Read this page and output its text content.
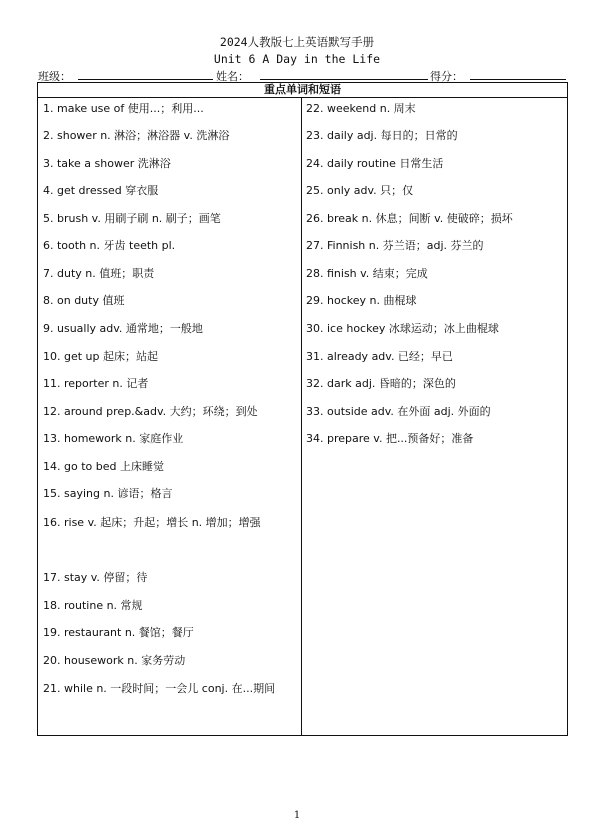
2024人教版七上英语默写手册
Unit 6 A Day in the Life
班级：	姓名：	得分：
重点单词和短语
1. make use of 使用...；利用...
2. shower n. 淋浴；淋浴器 v. 洗淋浴
3. take a shower 洗淋浴
4. get dressed 穿衣服
5. brush v. 用刷子刷 n. 刷子；画笔
6. tooth n. 牙齿 teeth pl.
7. duty n. 值班；职责
8. on duty 值班
9. usually adv. 通常地；一般地
10. get up 起床；站起
11. reporter n. 记者
12. around prep.&adv. 大约；环绕；到处
13. homework n. 家庭作业
14. go to bed 上床睡觉
15. saying n. 谚语；格言
16. rise v. 起床；升起；增长 n. 增加；增强
17. stay v. 停留；待
18. routine n. 常规
19. restaurant n. 餐馆；餐厅
20. housework n. 家务劳动
21. while n. 一段时间；一会儿 conj. 在...期间
22. weekend n. 周末
23. daily adj. 每日的；日常的
24. daily routine 日常生活
25. only adv. 只；仅
26. break n. 休息；间断 v. 使破碎；损坏
27. Finnish n. 芬兰语；adj. 芬兰的
28. finish v. 结束；完成
29. hockey n. 曲棍球
30. ice hockey 冰球运动；冰上曲棍球
31. already adv. 已经；早已
32. dark adj. 昏暗的；深色的
33. outside adv. 在外面 adj. 外面的
34. prepare v. 把...预备好；准备
1
